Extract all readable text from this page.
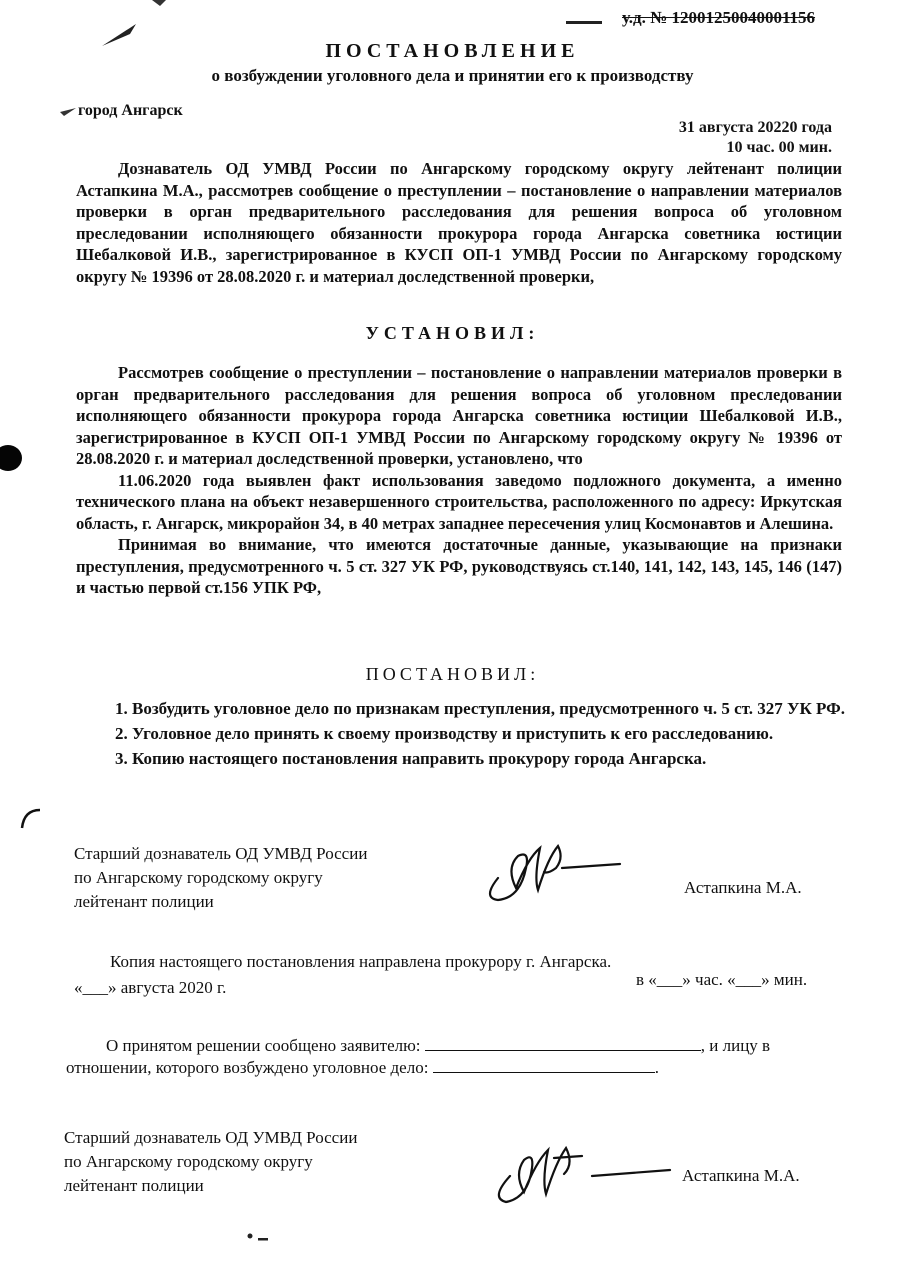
у.д. № 12001250040001156
ПОСТАНОВЛЕНИЕ
о возбуждении уголовного дела и принятии его к производству
город Ангарск
31 августа 20220 года
10 час. 00 мин.

Дознаватель ОД УМВД России по Ангарскому городскому округу лейтенант полиции Астапкина М.А., рассмотрев сообщение о преступлении – постановление о направлении материалов проверки в орган предварительного расследования для решения вопроса об уголовном преследовании исполняющего обязанности прокурора города Ангарска советника юстиции Шебалковой И.В., зарегистрированное в КУСП ОП-1 УМВД России по Ангарскому городскому округу № 19396 от 28.08.2020 г. и материал доследственной проверки,

УСТАНОВИЛ:

Рассмотрев сообщение о преступлении – постановление о направлении материалов проверки в орган предварительного расследования для решения вопроса об уголовном преследовании исполняющего обязанности прокурора города Ангарска советника юстиции Шебалковой И.В., зарегистрированное в КУСП ОП-1 УМВД России по Ангарскому городскому округу № 19396 от 28.08.2020 г. и материал доследственной проверки, установлено, что

11.06.2020 года выявлен факт использования заведомо подложного документа, а именно технического плана на объект незавершенного строительства, расположенного по адресу: Иркутская область, г. Ангарск, микрорайон 34, в 40 метрах западнее пересечения улиц Космонавтов и Алешина.

Принимая во внимание, что имеются достаточные данные, указывающие на признаки преступления, предусмотренного ч. 5 ст. 327 УК РФ, руководствуясь ст.140, 141, 142, 143, 145, 146 (147) и частью первой ст.156 УПК РФ,

ПОСТАНОВИЛ:
1. Возбудить уголовное дело по признакам преступления, предусмотренного ч. 5 ст. 327 УК РФ.
2. Уголовное дело принять к своему производству и приступить к его расследованию.
3. Копию настоящего постановления направить прокурору города Ангарска.
Старший дознаватель ОД УМВД России
по Ангарскому городскому округу
лейтенант полиции
Астапкина М.А.
Копия настоящего постановления направлена прокурору г. Ангарска.
«___» августа 2020 г.	в «___» час. «___» мин.
О принятом решении сообщено заявителю:	, и лицу в
отношении, которого возбуждено уголовное дело:	.
Старший дознаватель ОД УМВД России
по Ангарскому городскому округу
лейтенант полиции
Астапкина М.А.
